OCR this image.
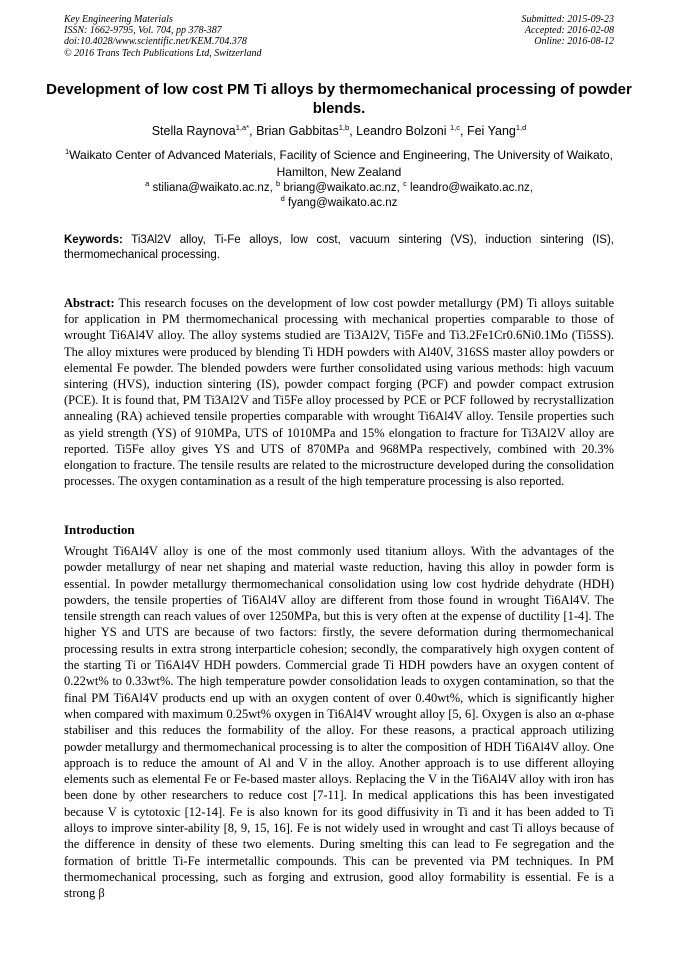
Key Engineering Materials
ISSN: 1662-9795, Vol. 704, pp 378-387
doi:10.4028/www.scientific.net/KEM.704.378
© 2016 Trans Tech Publications Ltd, Switzerland
Submitted: 2015-09-23
Accepted: 2016-02-08
Online: 2016-08-12
Development of low cost PM Ti alloys by thermomechanical processing of powder blends.
Stella Raynova$^{1,a*}$, Brian Gabbitas$^{1,b}$, Leandro Bolzoni $^{1,c}$, Fei Yang$^{1,d}$
$^1$Waikato Center of Advanced Materials, Facility of Science and Engineering, The University of Waikato, Hamilton, New Zealand
$^a$ stiliana@waikato.ac.nz, $^b$ briang@waikato.ac.nz, $^c$ leandro@waikato.ac.nz,
$^d$ fyang@waikato.ac.nz

Keywords: Ti3Al2V alloy, Ti-Fe alloys, low cost, vacuum sintering (VS), induction sintering (IS), thermomechanical processing.

Abstract: This research focuses on the development of low cost powder metallurgy (PM) Ti alloys suitable for application in PM thermomechanical processing with mechanical properties comparable to those of wrought Ti6Al4V alloy. The alloy systems studied are Ti3Al2V, Ti5Fe and Ti3.2Fe1Cr0.6Ni0.1Mo (Ti5SS). The alloy mixtures were produced by blending Ti HDH powders with Al40V, 316SS master alloy powders or elemental Fe powder. The blended powders were further consolidated using various methods: high vacuum sintering (HVS), induction sintering (IS), powder compact forging (PCF) and powder compact extrusion (PCE). It is found that, PM Ti3Al2V and Ti5Fe alloy processed by PCE or PCF followed by recrystallization annealing (RA) achieved tensile properties comparable with wrought Ti6Al4V alloy. Tensile properties such as yield strength (YS) of 910MPa, UTS of 1010MPa and 15% elongation to fracture for Ti3Al2V alloy are reported. Ti5Fe alloy gives YS and UTS of 870MPa and 968MPa respectively, combined with 20.3% elongation to fracture. The tensile results are related to the microstructure developed during the consolidation processes. The oxygen contamination as a result of the high temperature processing is also reported.

Introduction

Wrought Ti6Al4V alloy is one of the most commonly used titanium alloys. With the advantages of the powder metallurgy of near net shaping and material waste reduction, having this alloy in powder form is essential. In powder metallurgy thermomechanical consolidation using low cost hydride dehydrate (HDH) powders, the tensile properties of Ti6Al4V alloy are different from those found in wrought Ti6Al4V. The tensile strength can reach values of over 1250MPa, but this is very often at the expense of ductility [1-4]. The higher YS and UTS are because of two factors: firstly, the severe deformation during thermomechanical processing results in extra strong interparticle cohesion; secondly, the comparatively high oxygen content of the starting Ti or Ti6Al4V HDH powders. Commercial grade Ti HDH powders have an oxygen content of 0.22wt% to 0.33wt%. The high temperature powder consolidation leads to oxygen contamination, so that the final PM Ti6Al4V products end up with an oxygen content of over 0.40wt%, which is significantly higher when compared with maximum 0.25wt% oxygen in Ti6Al4V wrought alloy [5, 6]. Oxygen is also an α-phase stabiliser and this reduces the formability of the alloy. For these reasons, a practical approach utilizing powder metallurgy and thermomechanical processing is to alter the composition of HDH Ti6Al4V alloy. One approach is to reduce the amount of Al and V in the alloy. Another approach is to use different alloying elements such as elemental Fe or Fe-based master alloys. Replacing the V in the Ti6Al4V alloy with iron has been done by other researchers to reduce cost [7-11]. In medical applications this has been investigated because V is cytotoxic [12-14]. Fe is also known for its good diffusivity in Ti and it has been added to Ti alloys to improve sinter-ability [8, 9, 15, 16]. Fe is not widely used in wrought and cast Ti alloys because of the difference in density of these two elements. During smelting this can lead to Fe segregation and the formation of brittle Ti-Fe intermetallic compounds. This can be prevented via PM techniques. In PM thermomechanical processing, such as forging and extrusion, good alloy formability is essential. Fe is a strong β
